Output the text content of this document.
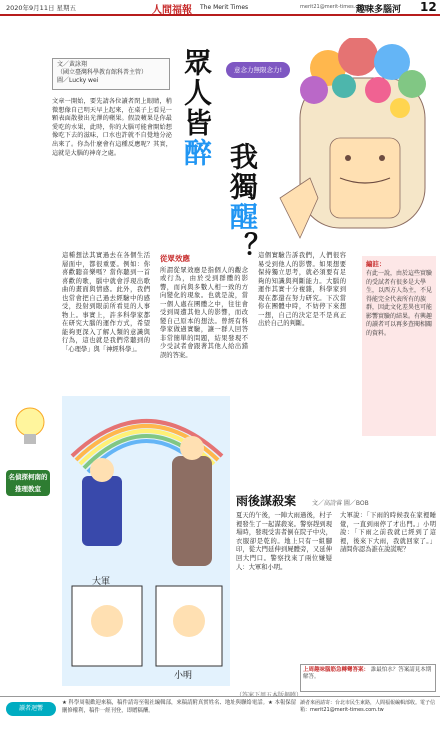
2020年9月11日 星期五	人間福報 The Merit Times	merit21@merit-times.com.tw
趣味多腦河 12
意念力無限念力!
眾人皆醉 我獨醒？
文／黃詠翔
（國立臺灣科學教育館科普主管）
圖／Lucky wei
文章一開始，要先請各位讀者閉上眼睛，稍微想像自己明天早上起來，在桌子上看見一顆表面散發出光澤的蘋果。假設蘋果是你最愛吃的水果，此時，你的大腦可能會開始想像吃下去的滋味，口水也許就不自覺地分泌出來了。你為什麼會有這種反應呢？其實，這就是大腦的神奇之處。
這種想法其實過去在各個生活層面中，都很重要。例如：你喜歡聽音樂嗎？當你聽到一首喜歡的歌，腦中就會浮現出歌曲的畫面與情感。此外，我們也常會把自己過去經驗中的感受，投射到眼前所看見的人事物上。事實上，許多科學家都在研究大腦的運作方式，希望能夠更深入了解人類的意識與行為，這也就是我們常聽到的「心理學」與「神經科學」。
從眾效應
所謂從眾效應是指個人的觀念或行為，由於受到群體的影響，而向與多數人相一致的方向變化的現象。也就是說，當一個人處在團體之中，往往會受到周遭其他人的影響，而改變自己原本的想法。曾經有科學家做過實驗，讓一群人回答非常簡單的問題，結果發現不少受試者會跟著其他人給出錯誤的答案。
這個實驗告訴我們，人們很容易受到他人的影響。如果想要保持獨立思考，就必須要有足夠的知識與判斷能力。大腦的運作其實十分複雜，科學家到現在都還在努力研究。下次當你在團體中時，不妨停下來想一想，自己的決定是不是真正出於自己的判斷。
編註：
有此一說，由於這些實驗的受試者有很多是大學生，以西方人為主，不見得能完全代表所有的族群，因此文化差異也可能影響實驗的結果。有興趣的讀者可以再多查閱相關的資料。
大軍
小明
名偵探柯南的推理教室
雨後謀殺案	文／高詩睿 圖／BOB
夏天的午後，一陣大雨過後，村子裡發生了一起謀殺案。警察趕到現場時，發現受害者倒在院子中央，衣服卻是乾的。地上只有一組腳印，從大門延伸到屍體旁，又延伸回大門口。警察找來了兩位嫌疑人：大軍和小明。
大軍說：「下雨的時候我在家裡睡覺，一直到雨停了才出門。」小明說：「下雨之前我就已經到了這裡，後來下大雨，我就回家了。」請問你認為誰在說謊呢？
上周趣味腦筋急轉彎答案： 誰最怕水？答案請見本期解答。
讀者迴響
★ 科學周報歡迎來稿，稿件請寄至報社編輯部，來稿請附真實姓名、地址與聯絡電話。★ 本報保留刪修權利，稿件一經刊登，即贈稿酬。
讀者來函請寄：台北市民生東路，人間福報編輯部收。電子信箱：merit21@merit-times.com.tw
